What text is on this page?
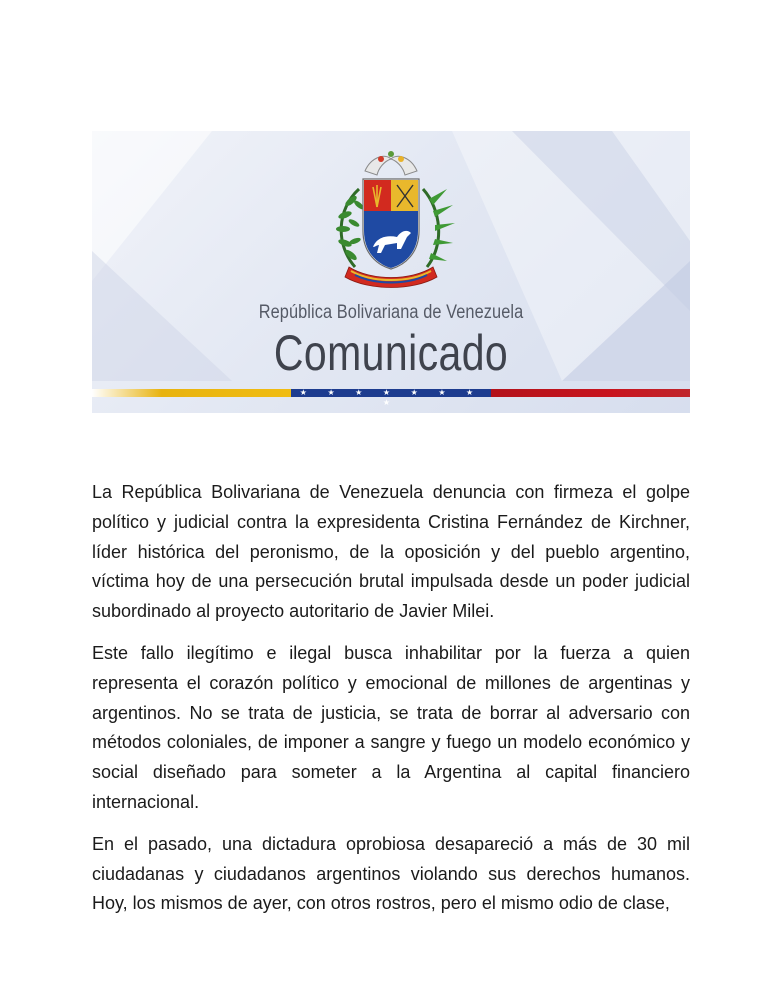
República Bolivariana de Venezuela
Comunicado
★ ★ ★ ★ ★ ★ ★ ★

La República Bolivariana de Venezuela denuncia con firmeza el golpe político y judicial contra la expresidenta Cristina Fernández de Kirchner, líder histórica del peronismo, de la oposición y del pueblo argentino, víctima hoy de una persecución brutal impulsada desde un poder judicial subordinado al proyecto autoritario de Javier Milei.

Este fallo ilegítimo e ilegal busca inhabilitar por la fuerza a quien representa el corazón político y emocional de millones de argentinas y argentinos. No se trata de justicia, se trata de borrar al adversario con métodos coloniales, de imponer a sangre y fuego un modelo económico y social diseñado para someter a la Argentina al capital financiero internacional.

En el pasado, una dictadura oprobiosa desapareció a más de 30 mil ciudadanas y ciudadanos argentinos violando sus derechos humanos. Hoy, los mismos de ayer, con otros rostros, pero el mismo odio de clase,
